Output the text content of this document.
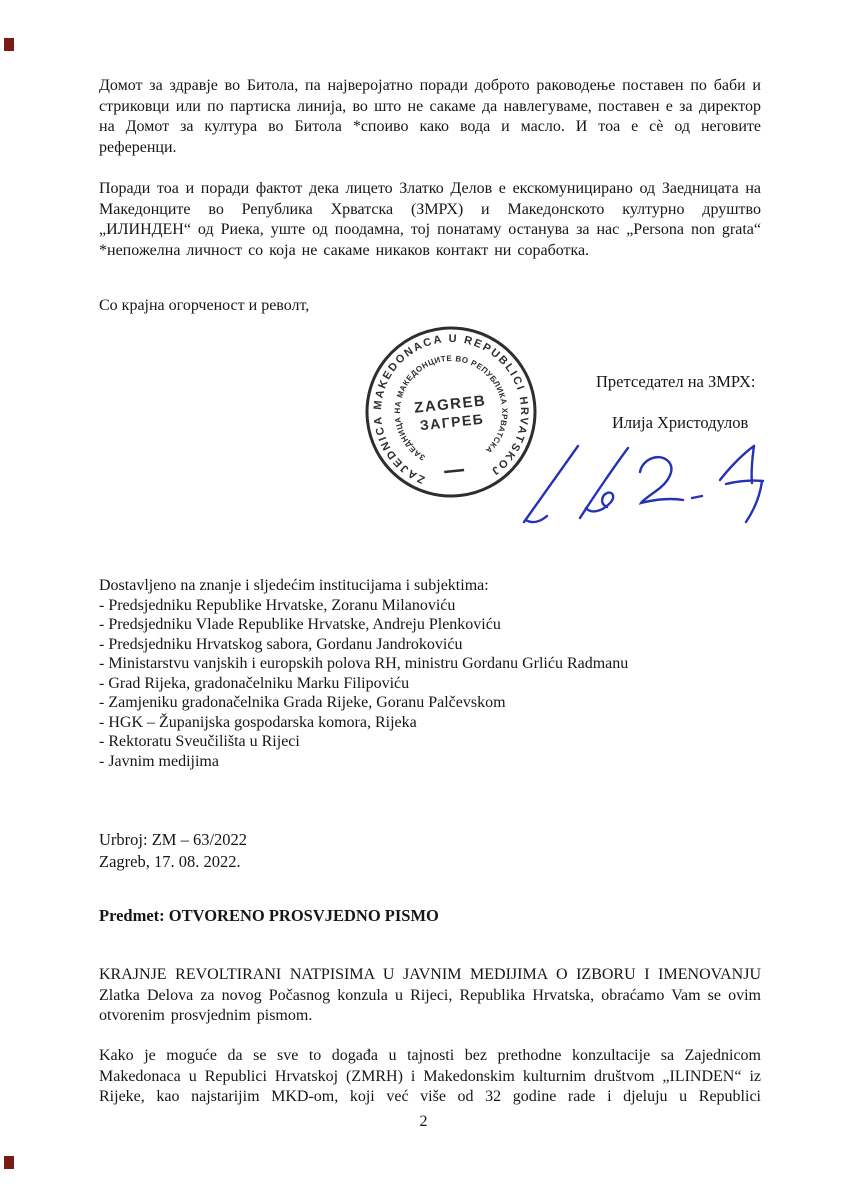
Домот за здравје во Битола, па најверојатно поради доброто раководење поставен по баби и стриковци или по партиска линија, во што не сакаме да навлегуваме, поставен е за директор на Домот за култура во Битола *споиво како вода и масло. И тоа е сѐ од неговите референци.

Поради тоа и поради фактот дека лицето Златко Делов е екскомуницирано од Заедницата на Македонците во Република Хрватска (ЗМРХ) и Македонското културно друштво „ИЛИНДЕН“ од Риека, уште од поодамна, тој понатаму останува за нас „Persona non grata“ *непожелна личност со која не сакаме никаков контакт ни соработка.

Со крајна огорченост и револт,

ZAJEDNICA MAKEDONACA U REPUBLICI HRVATSKOJ
ЗАЕДНИЦА НА МАКЕДОНЦИТЕ ВО РЕПУБЛИКА ХРВАТСКА
ZAGREB
ЗАГРЕБ
Претседател на ЗМРХ:
Илија Христодулов
Dostavljeno na znanje i sljedećim institucijama i subjektima:
- Predsjedniku Republike Hrvatske, Zoranu Milanoviću
- Predsjedniku Vlade Republike Hrvatske, Andreju Plenkoviću
- Predsjedniku Hrvatskog sabora, Gordanu Jandrokoviću
- Ministarstvu vanjskih i europskih polova RH, ministru Gordanu Grliću Radmanu
- Grad Rijeka, gradonačelniku Marku Filipoviću
- Zamjeniku gradonačelnika Grada Rijeke, Goranu Palčevskom
- HGK – Županijska gospodarska komora, Rijeka
- Rektoratu Sveučilišta u Rijeci
- Javnim medijima
Urbroj: ZM – 63/2022
Zagreb, 17. 08. 2022.
Predmet: OTVORENO PROSVJEDNO PISMO

KRAJNJE REVOLTIRANI NATPISIMA U JAVNIM MEDIJIMA O IZBORU I IMENOVANJU Zlatka Delova za novog Počasnog konzula u Rijeci, Republika Hrvatska, obraćamo Vam se ovim otvorenim prosvjednim pismom.

Kako je moguće da se sve to događa u tajnosti bez prethodne konzultacije sa Zajednicom Makedonaca u Republici Hrvatskoj (ZMRH) i Makedonskim kulturnim društvom „ILINDEN“ iz Rijeke, kao najstarijim MKD-om, koji već više od 32 godine rade i djeluju u Republici

2
